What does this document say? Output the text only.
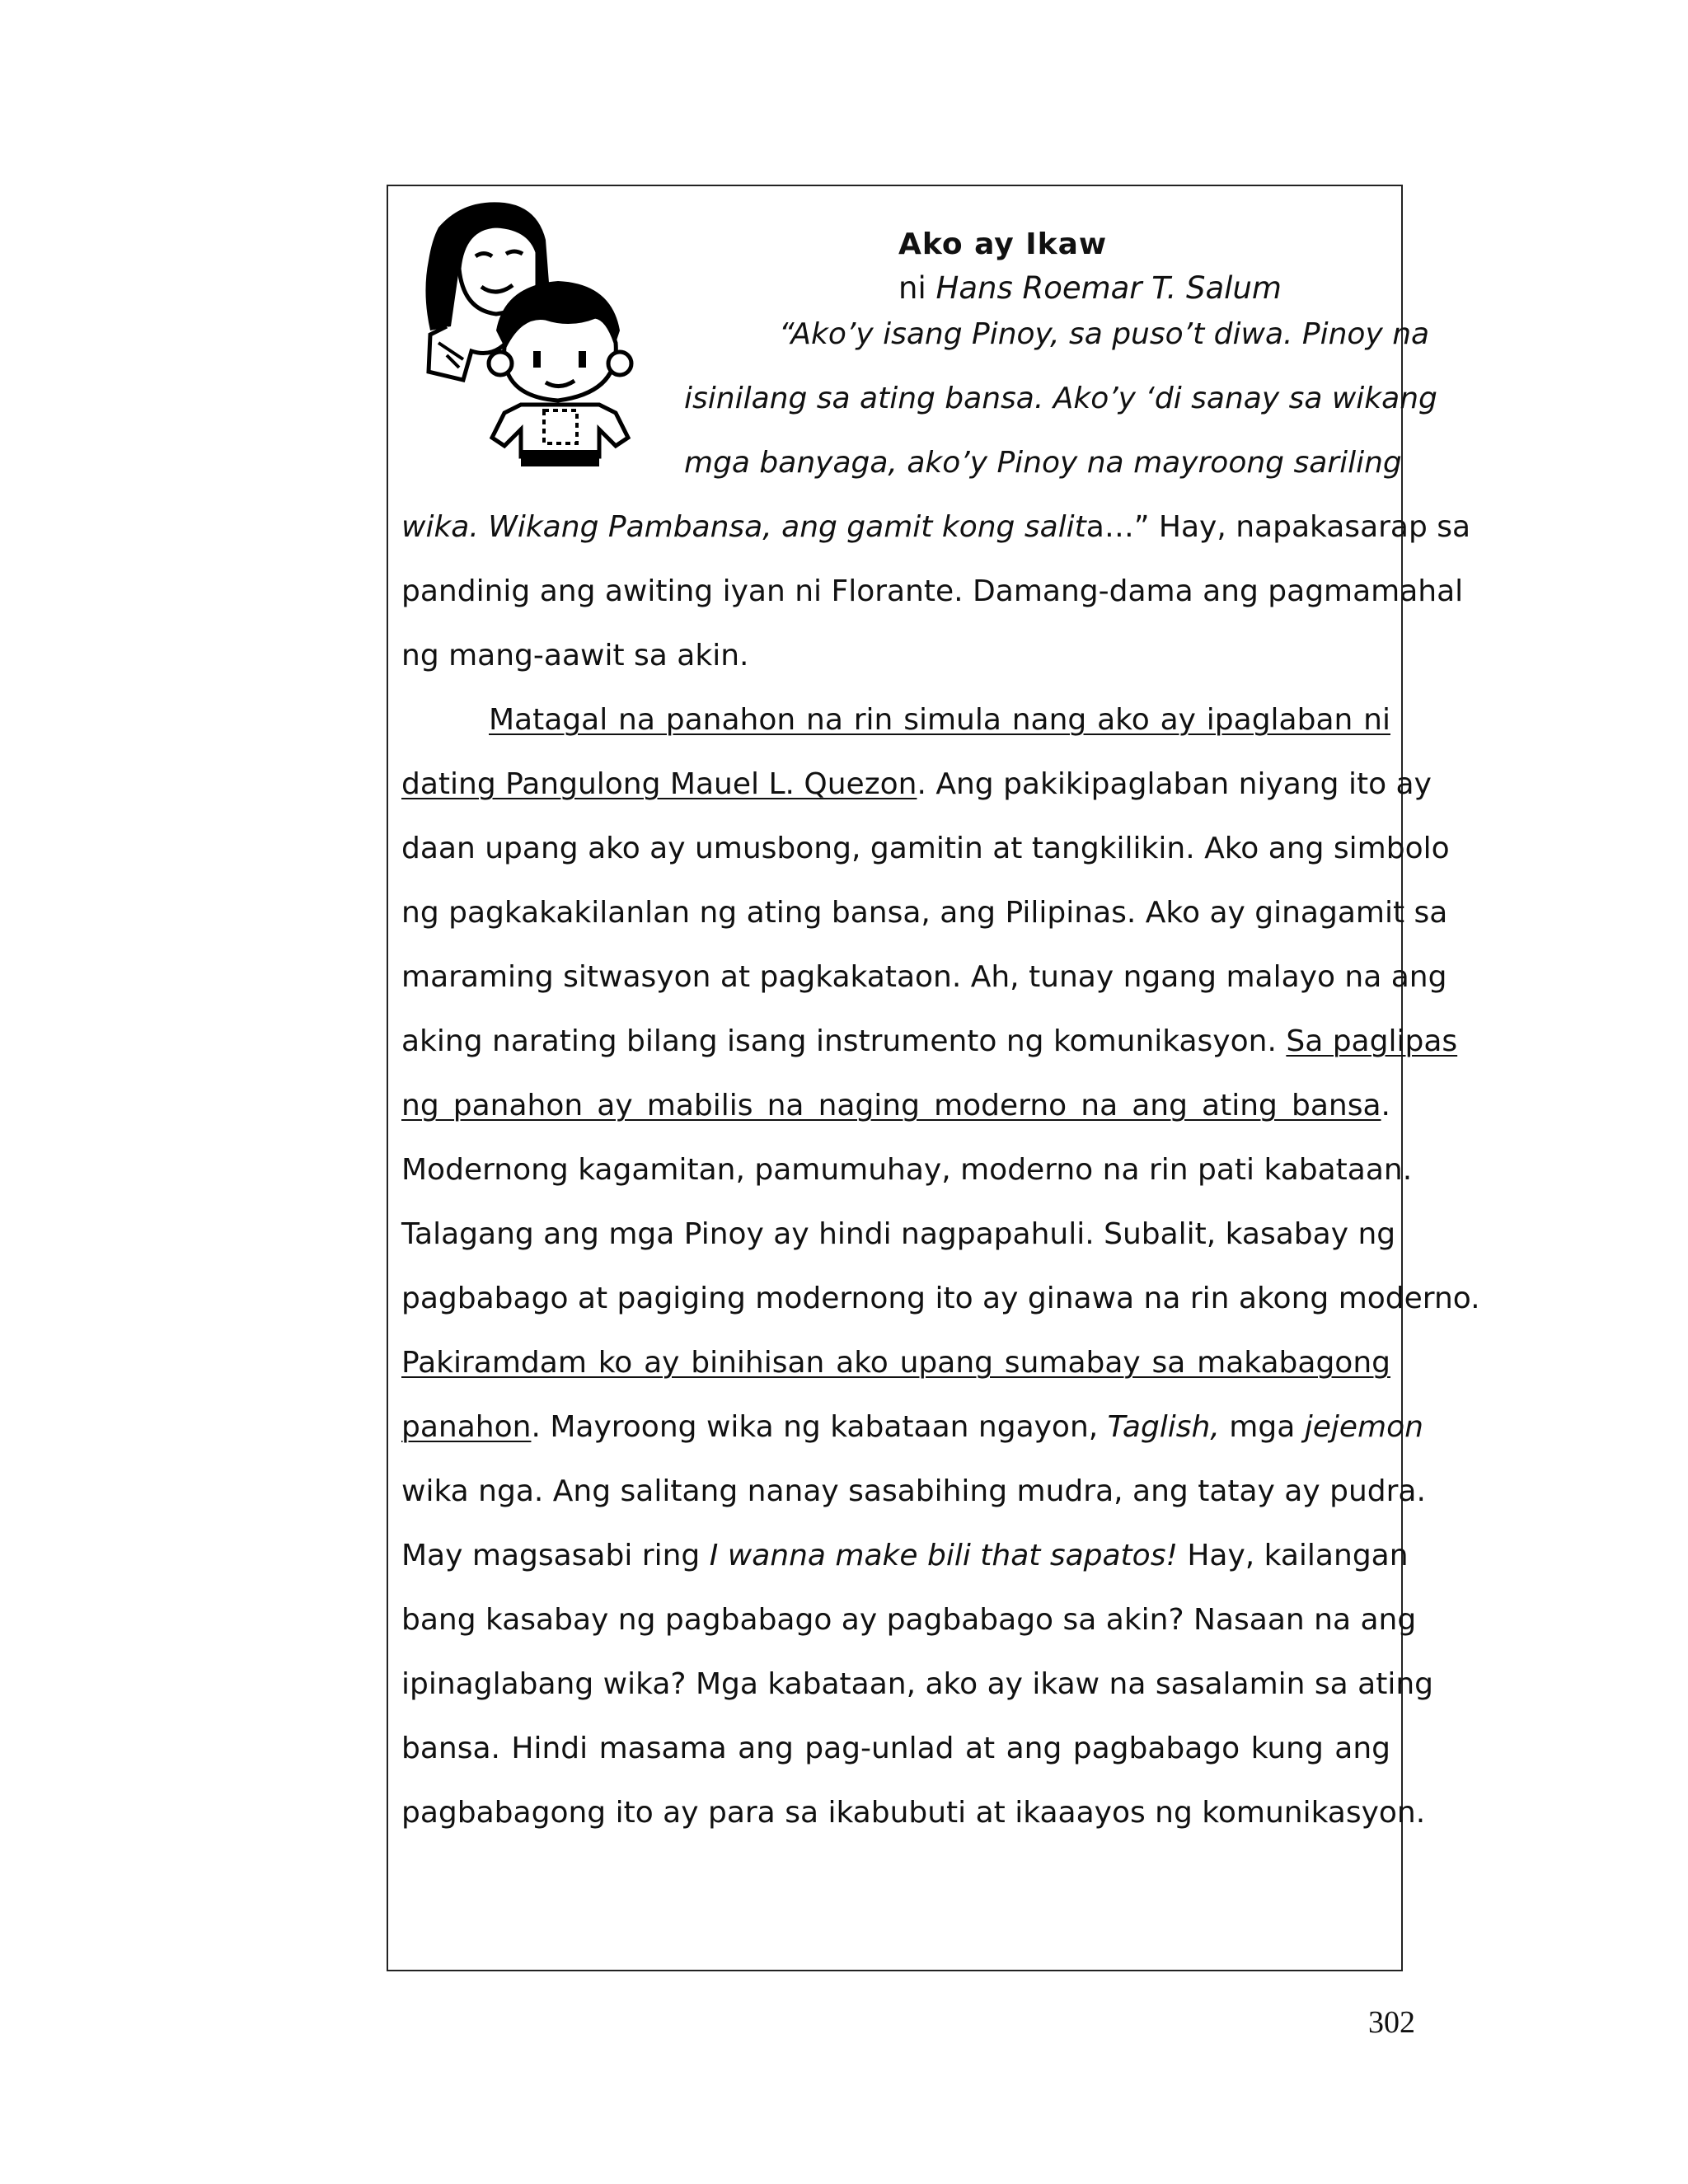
Ako ay Ikaw
ni Hans Roemar T. Salum
“Ako’y isang Pinoy, sa puso’t diwa. Pinoy na
isinilang sa ating bansa. Ako’y ‘di sanay sa wikang
mga banyaga, ako’y Pinoy na mayroong sariling
wika. Wikang Pambansa, ang gamit kong salita…” Hay, napakasarap sa
pandinig ang awiting iyan ni Florante. Damang-dama ang pagmamahal
ng mang-aawit sa akin.
Matagal na panahon na rin simula nang ako ay ipaglaban ni
dating Pangulong Mauel L. Quezon. Ang pakikipaglaban niyang ito ay
daan upang ako ay umusbong, gamitin at tangkilikin. Ako ang simbolo
ng pagkakakilanlan ng ating bansa, ang Pilipinas. Ako ay ginagamit sa
maraming sitwasyon at pagkakataon. Ah, tunay ngang malayo na ang
aking narating bilang isang instrumento ng komunikasyon. Sa paglipas
ng panahon ay mabilis na naging moderno na ang ating bansa.
Modernong kagamitan, pamumuhay, moderno na rin pati kabataan.
Talagang ang mga Pinoy ay hindi nagpapahuli. Subalit, kasabay ng
pagbabago at pagiging modernong ito ay ginawa na rin akong moderno.
Pakiramdam ko ay binihisan ako upang sumabay sa makabagong
panahon. Mayroong wika ng kabataan ngayon, Taglish, mga jejemon
wika nga. Ang salitang nanay sasabihing mudra, ang tatay ay pudra.
May magsasabi ring I wanna make bili that sapatos! Hay, kailangan
bang kasabay ng pagbabago ay pagbabago sa akin? Nasaan na ang
ipinaglabang wika? Mga kabataan, ako ay ikaw na sasalamin sa ating
bansa. Hindi masama ang pag-unlad at ang pagbabago kung ang
pagbabagong ito ay para sa ikabubuti at ikaaayos ng komunikasyon.
302
